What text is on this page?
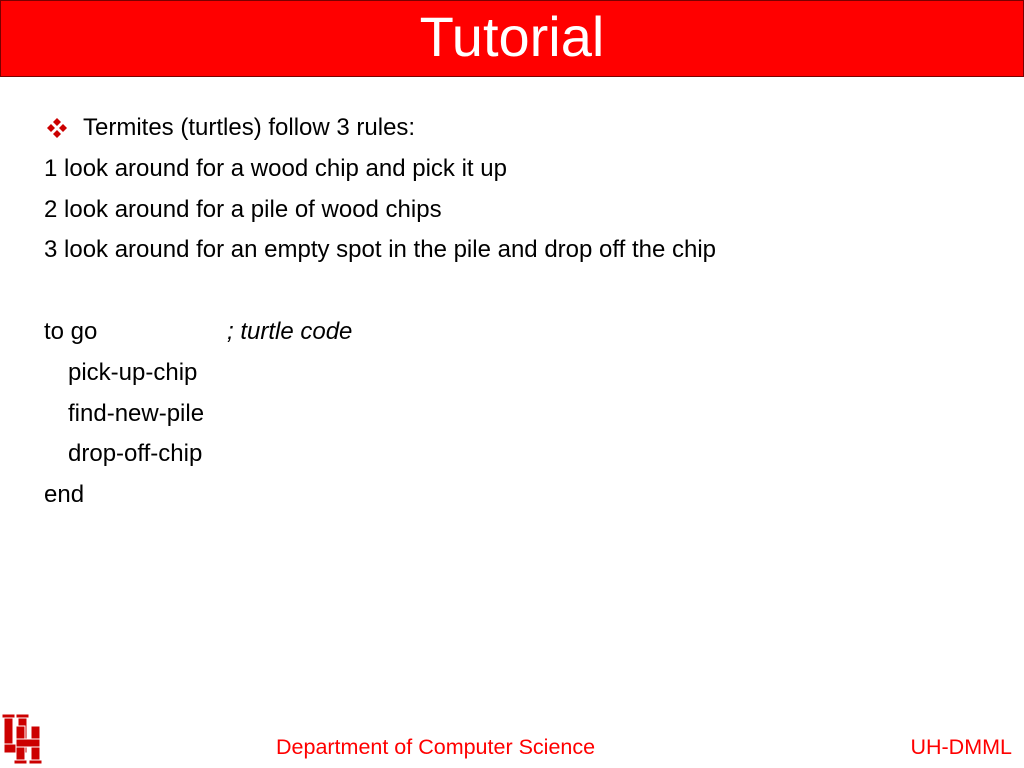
Tutorial
Termites (turtles) follow 3 rules:
1 look around for a wood chip and pick it up
2 look around for a pile of wood chips
3 look around for an empty spot in the pile and drop off the chip
to go	; turtle code
pick-up-chip
find-new-pile
drop-off-chip
end
Department of Computer Science	UH-DMML
